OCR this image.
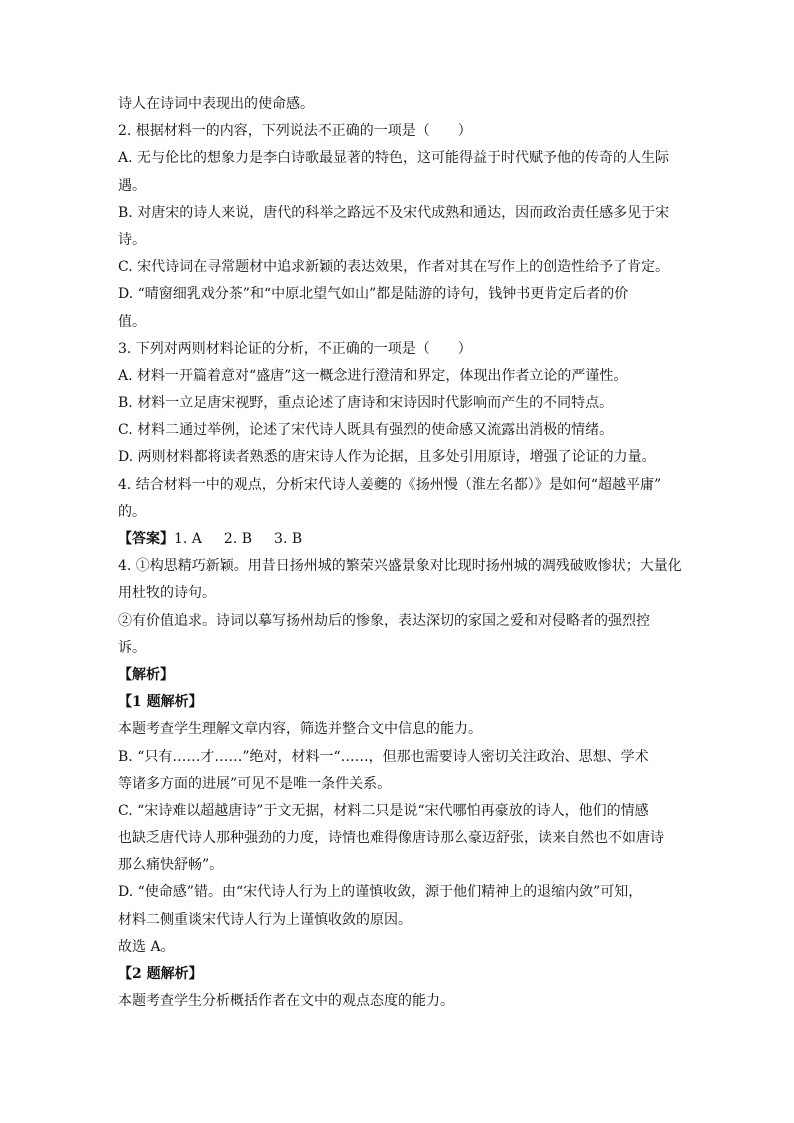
诗人在诗词中表现出的使命感。
2. 根据材料一的内容，下列说法不正确的一项是（　　）
A. 无与伦比的想象力是李白诗歌最显著的特色，这可能得益于时代赋予他的传奇的人生际
遇。
B. 对唐宋的诗人来说，唐代的科举之路远不及宋代成熟和通达，因而政治责任感多见于宋
诗。
C. 宋代诗词在寻常题材中追求新颖的表达效果，作者对其在写作上的创造性给予了肯定。
D. “晴窗细乳戏分茶”和“中原北望气如山”都是陆游的诗句，钱钟书更肯定后者的价
值。
3. 下列对两则材料论证的分析，不正确的一项是（　　）
A. 材料一开篇着意对“盛唐”这一概念进行澄清和界定，体现出作者立论的严谨性。
B. 材料一立足唐宋视野，重点论述了唐诗和宋诗因时代影响而产生的不同特点。
C. 材料二通过举例，论述了宋代诗人既具有强烈的使命感又流露出消极的情绪。
D. 两则材料都将读者熟悉的唐宋诗人作为论据，且多处引用原诗，增强了论证的力量。
4. 结合材料一中的观点，分析宋代诗人姜夔的《扬州慢（淮左名都）》是如何“超越平庸”
的。
【答案】1. A 2. B 3. B
4. ①构思精巧新颖。用昔日扬州城的繁荣兴盛景象对比现时扬州城的凋残破败惨状；大量化
用杜牧的诗句。
②有价值追求。诗词以摹写扬州劫后的惨象，表达深切的家国之爱和对侵略者的强烈控
诉。
【解析】
【1 题解析】
本题考查学生理解文章内容，筛选并整合文中信息的能力。
B. “只有……才……”绝对，材料一“……，但那也需要诗人密切关注政治、思想、学术
等诸多方面的进展”可见不是唯一条件关系。
C. “宋诗难以超越唐诗”于文无据，材料二只是说“宋代哪怕再豪放的诗人，他们的情感
也缺乏唐代诗人那种强劲的力度，诗情也难得像唐诗那么豪迈舒张，读来自然也不如唐诗
那么痛快舒畅”。
D. “使命感”错。由“宋代诗人行为上的谨慎收敛，源于他们精神上的退缩内敛”可知，
材料二侧重谈宋代诗人行为上谨慎收敛的原因。
故选 A。
【2 题解析】
本题考查学生分析概括作者在文中的观点态度的能力。
